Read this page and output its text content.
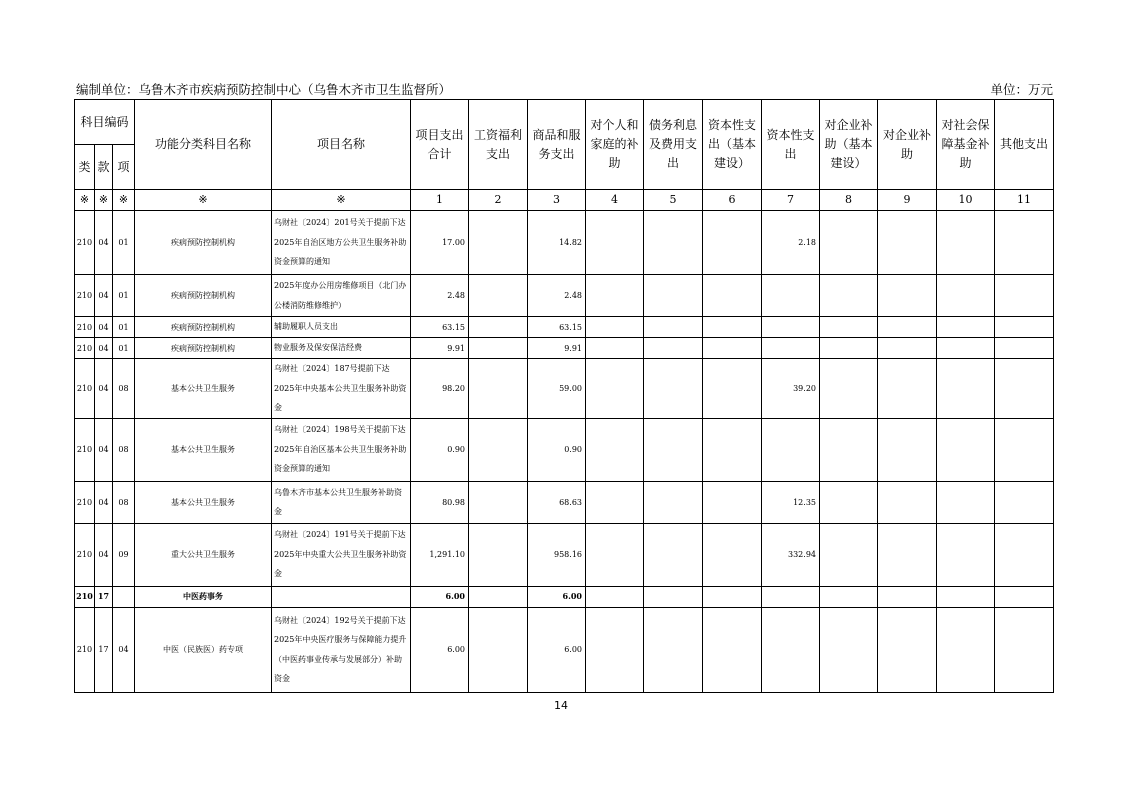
编制单位：乌鲁木齐市疾病预防控制中心（乌鲁木齐市卫生监督所）	单位：万元
科目编码			功能分类科目名称	项目名称	项目支出合计	工资福利支出	商品和服务支出	对个人和家庭的补助	债务利息及费用支出	资本性支出（基本建设）	资本性支出	对企业补助（基本建设）	对企业补助	对社会保障基金补助	其他支出
类	款	项													
※	※	※	※	※	1	2	3	4	5	6	7	8	9	10	11
210	04	01	疾病预防控制机构	乌财社〔2024〕201号关于提前下达2025年自治区地方公共卫生服务补助资金预算的通知	17.00		14.82				2.18				
210	04	01	疾病预防控制机构	2025年度办公用房维修项目（北门办公楼消防维修维护）	2.48		2.48								
210	04	01	疾病预防控制机构	辅助履职人员支出	63.15		63.15								
210	04	01	疾病预防控制机构	物业服务及保安保洁经费	9.91		9.91								
210	04	08	基本公共卫生服务	乌财社〔2024〕187号提前下达2025年中央基本公共卫生服务补助资金	98.20		59.00				39.20				
210	04	08	基本公共卫生服务	乌财社〔2024〕198号关于提前下达2025年自治区基本公共卫生服务补助资金预算的通知	0.90		0.90								
210	04	08	基本公共卫生服务	乌鲁木齐市基本公共卫生服务补助资金	80.98		68.63				12.35				
210	04	09	重大公共卫生服务	乌财社〔2024〕191号关于提前下达2025年中央重大公共卫生服务补助资金	1,291.10		958.16				332.94				
210	17		中医药事务		6.00		6.00								
210	17	04	中医（民族医）药专项	乌财社〔2024〕192号关于提前下达2025年中央医疗服务与保障能力提升（中医药事业传承与发展部分）补助资金	6.00		6.00								
14
